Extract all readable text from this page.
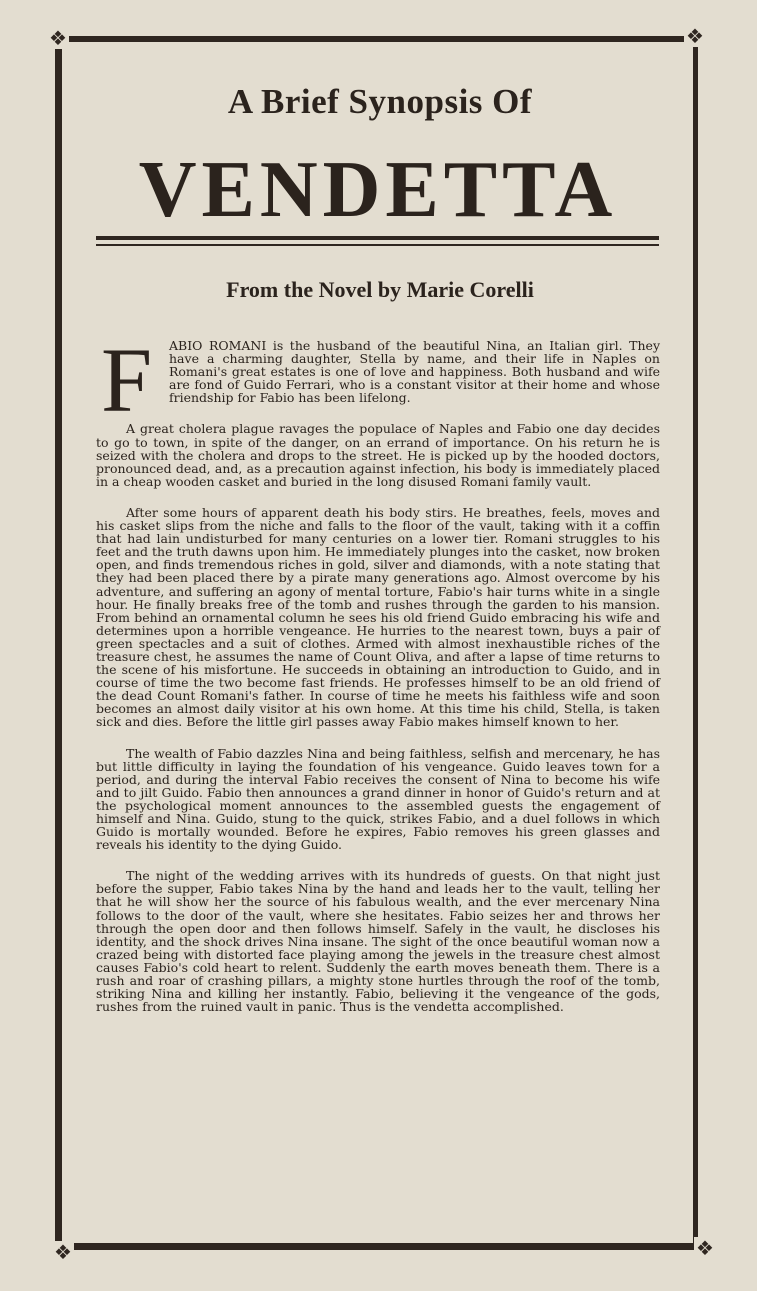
❖	❖
❖	❖
A Brief Synopsis Of
VENDETTA
From the Novel by Marie Corelli
F ABIO ROMANI is the husband of the beautiful Nina, an Italian girl. They have a charming daughter, Stella by name, and their life in Naples on Romani's great estates is one of love and happiness. Both husband and wife are fond of Guido Ferrari, who is a constant visitor at their home and whose friendship for Fabio has been lifelong.

A great cholera plague ravages the populace of Naples and Fabio one day decides to go to town, in spite of the danger, on an errand of importance. On his return he is seized with the cholera and drops to the street. He is picked up by the hooded doctors, pronounced dead, and, as a precaution against infection, his body is immediately placed in a cheap wooden casket and buried in the long disused Romani family vault.

After some hours of apparent death his body stirs. He breathes, feels, moves and his casket slips from the niche and falls to the floor of the vault, taking with it a coffin that had lain undisturbed for many centuries on a lower tier. Romani struggles to his feet and the truth dawns upon him. He immediately plunges into the casket, now broken open, and finds tremendous riches in gold, silver and diamonds, with a note stating that they had been placed there by a pirate many generations ago. Almost overcome by his adventure, and suffering an agony of mental torture, Fabio's hair turns white in a single hour. He finally breaks free of the tomb and rushes through the garden to his mansion. From behind an ornamental column he sees his old friend Guido embracing his wife and determines upon a horrible vengeance. He hurries to the nearest town, buys a pair of green spectacles and a suit of clothes. Armed with almost inexhaustible riches of the treasure chest, he assumes the name of Count Oliva, and after a lapse of time returns to the scene of his misfortune. He succeeds in obtaining an introduction to Guido, and in course of time the two become fast friends. He professes himself to be an old friend of the dead Count Romani's father. In course of time he meets his faithless wife and soon becomes an almost daily visitor at his own home. At this time his child, Stella, is taken sick and dies. Before the little girl passes away Fabio makes himself known to her.

The wealth of Fabio dazzles Nina and being faithless, selfish and mercenary, he has but little difficulty in laying the foundation of his vengeance. Guido leaves town for a period, and during the interval Fabio receives the consent of Nina to become his wife and to jilt Guido. Fabio then announces a grand dinner in honor of Guido's return and at the psychological moment announces to the assembled guests the engagement of himself and Nina. Guido, stung to the quick, strikes Fabio, and a duel follows in which Guido is mortally wounded. Before he expires, Fabio removes his green glasses and reveals his identity to the dying Guido.

The night of the wedding arrives with its hundreds of guests. On that night just before the supper, Fabio takes Nina by the hand and leads her to the vault, telling her that he will show her the source of his fabulous wealth, and the ever mercenary Nina follows to the door of the vault, where she hesitates. Fabio seizes her and throws her through the open door and then follows himself. Safely in the vault, he discloses his identity, and the shock drives Nina insane. The sight of the once beautiful woman now a crazed being with distorted face playing among the jewels in the treasure chest almost causes Fabio's cold heart to relent. Suddenly the earth moves beneath them. There is a rush and roar of crashing pillars, a mighty stone hurtles through the roof of the tomb, striking Nina and killing her instantly. Fabio, believing it the vengeance of the gods, rushes from the ruined vault in panic. Thus is the vendetta accomplished.
